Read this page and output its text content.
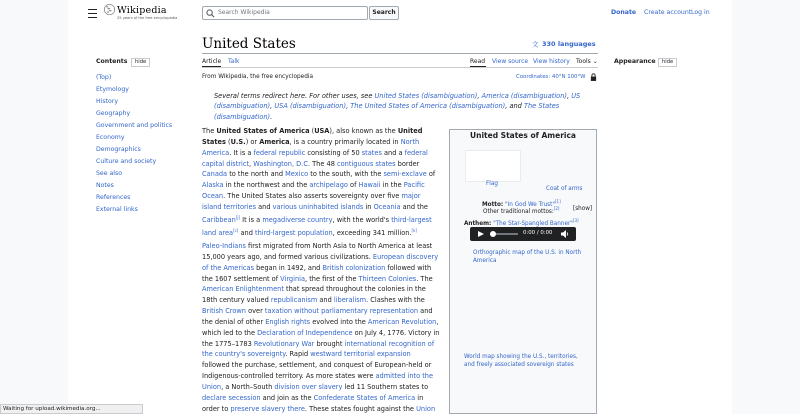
Wikipedia
25 years of the free encyclopedia
Search Wikipedia	Search	Donate Create account Log in
Contents	hide
(Top)
Etymology
History
Geography
Government and politics
Economy
Demographics
Culture and society
See also
Notes
References
External links
United States	文 330 languages
Article Talk	Read View source View history Tools ⌄
From Wikipedia, the free encyclopedia	Coordinates: 40°N 100°W
Several terms redirect here. For other uses, see United States (disambiguation), America (disambiguation), US (disambiguation), USA (disambiguation), The United States of America (disambiguation), and The States (disambiguation).
The United States of America (USA), also known as the United States (U.S.) or America, is a country primarily located in North America. It is a federal republic consisting of 50 states and a federal capital district, Washington, D.C. The 48 contiguous states border Canada to the north and Mexico to the south, with the semi-exclave of Alaska in the northwest and the archipelago of Hawaii in the Pacific Ocean. The United States also asserts sovereignty over five major island territories and various uninhabited islands in Oceania and the Caribbean[j] It is a megadiverse country, with the world's third-largest land area[c] and third-largest population, exceeding 341 million.[k]
Paleo-Indians first migrated from North Asia to North America at least 15,000 years ago, and formed various civilizations. European discovery of the Americas began in 1492, and British colonization followed with the 1607 settlement of Virginia, the first of the Thirteen Colonies. The American Enlightenment that spread throughout the colonies in the 18th century valued republicanism and liberalism. Clashes with the British Crown over taxation without parliamentary representation and the denial of other English rights evolved into the American Revolution, which led to the Declaration of Independence on July 4, 1776. Victory in the 1775–1783 Revolutionary War brought international recognition of the country's sovereignty. Rapid westward territorial expansion followed the purchase, settlement, and conquest of European-held or Indigenous-controlled territory. As more states were admitted into the Union, a North–South division over slavery led 11 Southern states to declare secession and join as the Confederate States of America in order to preserve slavery there. These states fought against the Union
United States of America
Flag
Coat of arms
Motto: "In God We Trust"[1]
Other traditional mottos:[2] [show]
Anthem: "The Star-Spangled Banner"[3]
0:00 / 0:00
Orthographic map of the U.S. in North America
World map showing the U.S., territories, and freely associated sovereign states
Appearance	hide
Waiting for upload.wikimedia.org...
